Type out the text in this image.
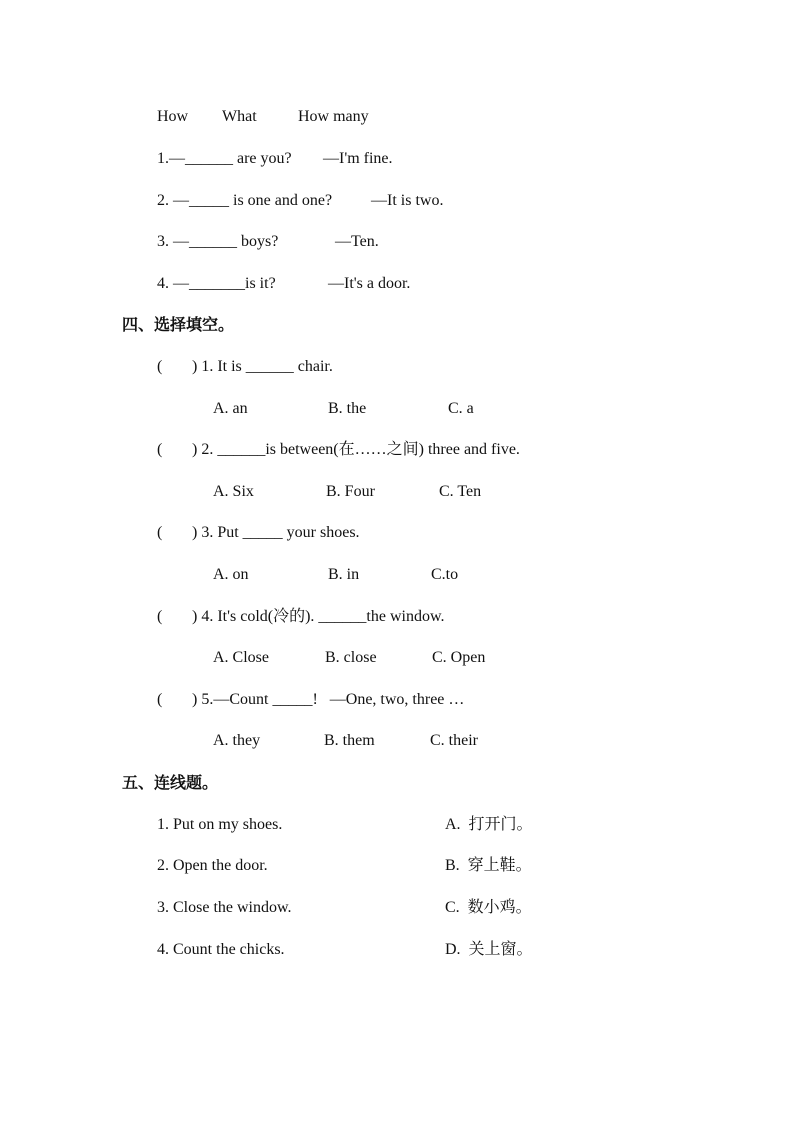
How What	How many
1.—______ are you? —I'm fine.
2. —_____ is one and one? —It is two.
3. —______ boys?	—Ten.
4. —_______is it?	—It's a door.
四、选择填空。
( ) 1. It is ______ chair.
A. an	B. the	C. a
( ) 2. ______is between(在……之间) three and five.
A. Six	B. Four	C. Ten
( ) 3. Put _____ your shoes.
A. on	B. in	C.to
( ) 4. It's cold(冷的). ______the window.
A. Close	B. close	C. Open
( ) 5.—Count _____!   —One, two, three …
A. they	B. them	C. their
五、连线题。
1. Put on my shoes.	A.  打开门。
2. Open the door.	B.  穿上鞋。
3. Close the window.	C.  数小鸡。
4. Count the chicks.	D.  关上窗。
